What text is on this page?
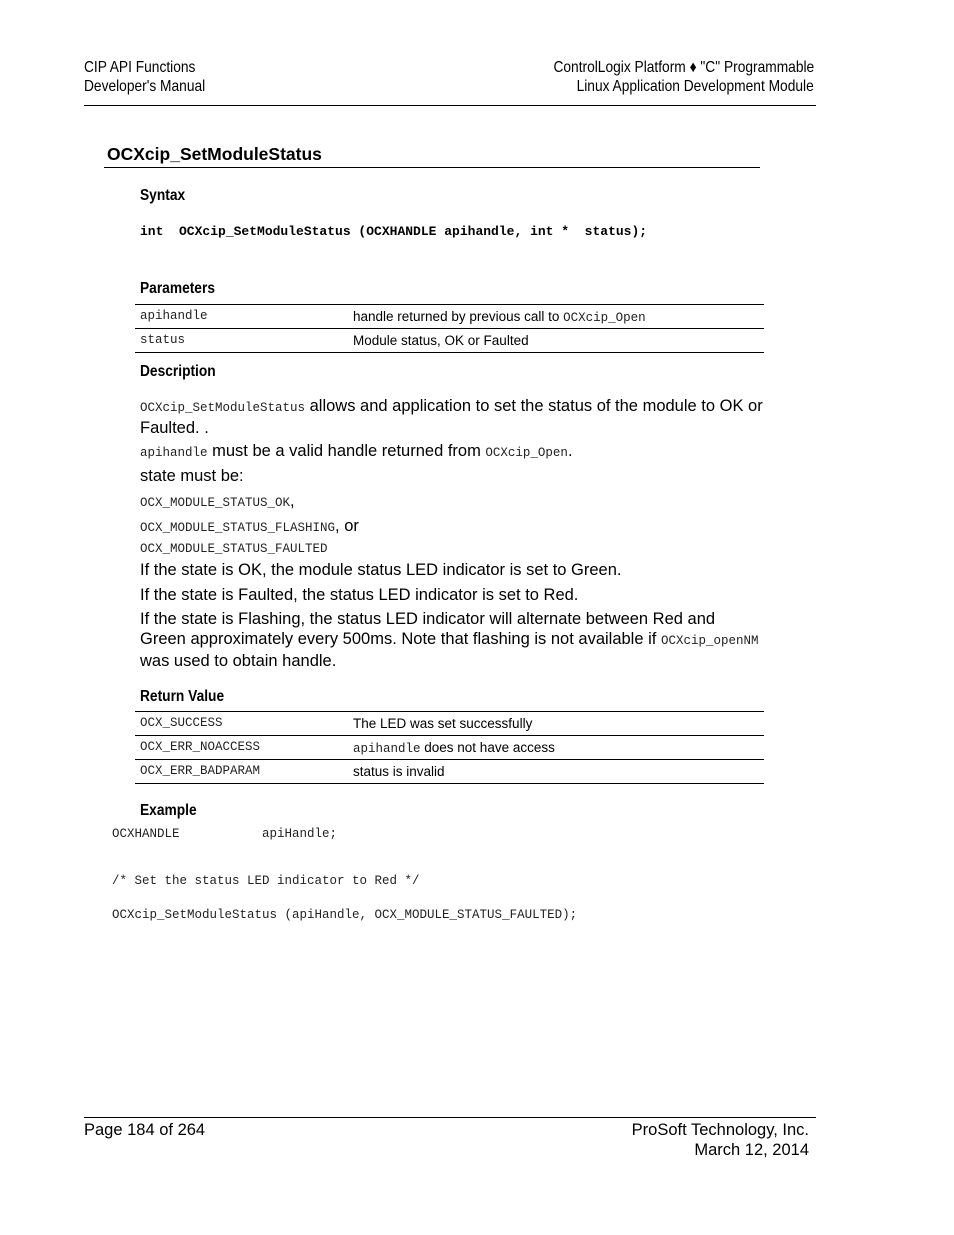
CIP API Functions
Developer's Manual
ControlLogix Platform ♦ "C" Programmable
Linux Application Development Module
OCXcip_SetModuleStatus
Syntax
int  OCXcip_SetModuleStatus (OCXHANDLE apihandle, int *  status);
Parameters
apihandle	handle returned by previous call to OCXcip_Open
status	Module status, OK or Faulted
Description
OCXcip_SetModuleStatus allows and application to set the status of the module to OK or Faulted. .
apihandle must be a valid handle returned from OCXcip_Open.
state must be:
OCX_MODULE_STATUS_OK,
OCX_MODULE_STATUS_FLASHING, or
OCX_MODULE_STATUS_FAULTED
If the state is OK, the module status LED indicator is set to Green.
If the state is Faulted, the status LED indicator is set to Red.
If the state is Flashing, the status LED indicator will alternate between Red and Green approximately every 500ms. Note that flashing is not available if OCXcip_openNM was used to obtain handle.
Return Value
OCX_SUCCESS	The LED was set successfully
OCX_ERR_NOACCESS	apihandle does not have access
OCX_ERR_BADPARAM	status is invalid
Example
OCXHANDLE           apiHandle;
/* Set the status LED indicator to Red */
OCXcip_SetModuleStatus (apiHandle, OCX_MODULE_STATUS_FAULTED);
Page 184 of 264	ProSoft Technology, Inc.
March 12, 2014
